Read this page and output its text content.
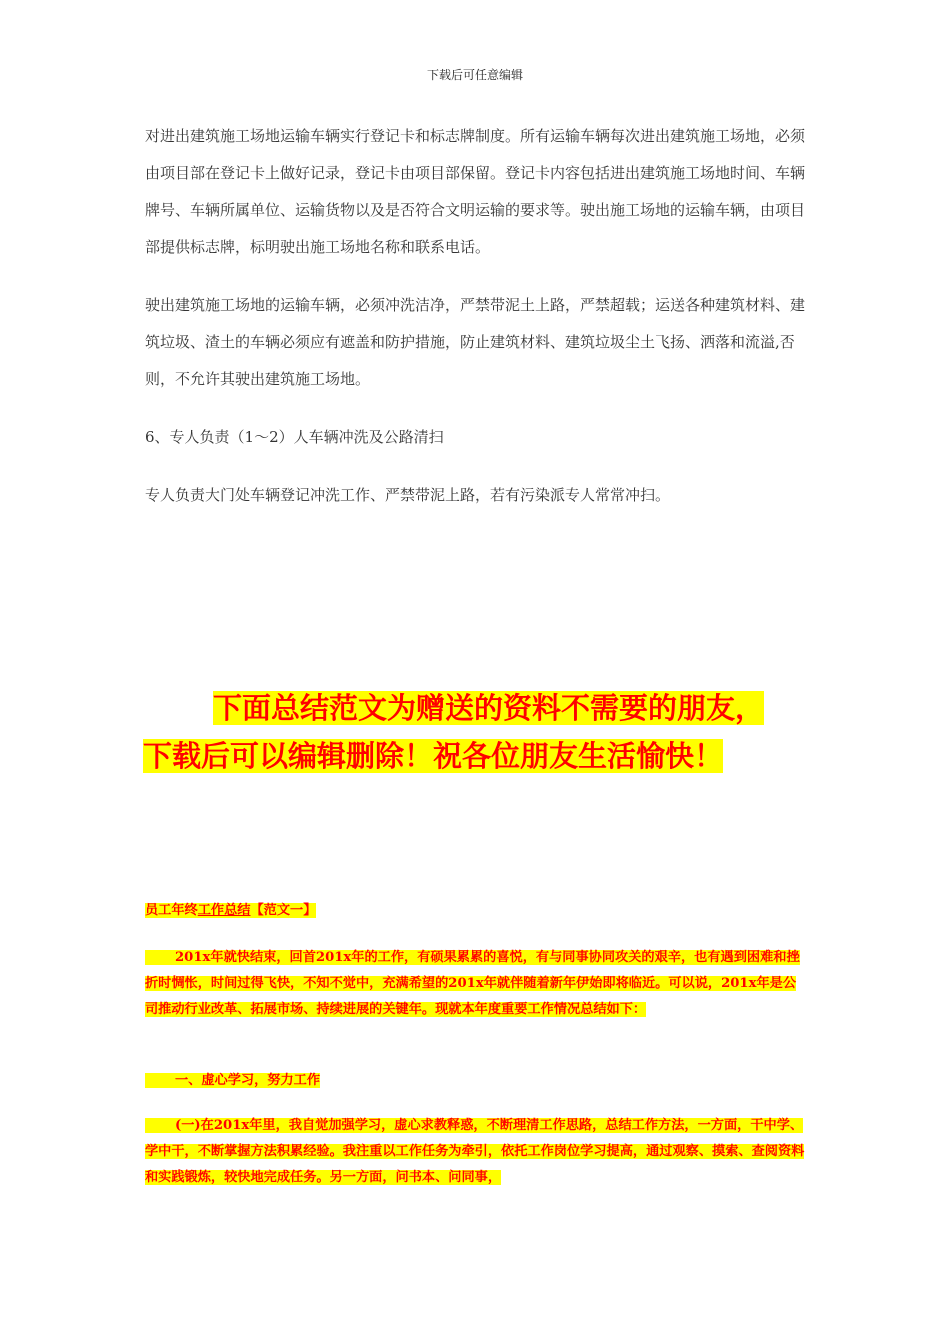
下载后可任意编辑

对进出建筑施工场地运输车辆实行登记卡和标志牌制度。所有运输车辆每次进出建筑施工场地，必须由项目部在登记卡上做好记录，登记卡由项目部保留。登记卡内容包括进出建筑施工场地时间、车辆牌号、车辆所属单位、运输货物以及是否符合文明运输的要求等。驶出施工场地的运输车辆，由项目部提供标志牌，标明驶出施工场地名称和联系电话。

驶出建筑施工场地的运输车辆，必须冲洗洁净，严禁带泥土上路，严禁超载；运送各种建筑材料、建筑垃圾、渣土的车辆必须应有遮盖和防护措施，防止建筑材料、建筑垃圾尘土飞扬、洒落和流溢,否则，不允许其驶出建筑施工场地。

6、专人负责（1～2）人车辆冲洗及公路清扫

专人负责大门处车辆登记冲洗工作、严禁带泥上路，若有污染派专人常常冲扫。

下面总结范文为赠送的资料不需要的朋友，
下载后可以编辑删除！祝各位朋友生活愉快！

员工年终工作总结【范文一】

201x年就快结束，回首201x年的工作，有硕果累累的喜悦，有与同事协同攻关的艰辛，也有遇到困难和挫折时惆怅，时间过得飞快，不知不觉中，充满希望的201x年就伴随着新年伊始即将临近。可以说，201x年是公司推动行业改革、拓展市场、持续进展的关键年。现就本年度重要工作情况总结如下：

一、虚心学习，努力工作

(一)在201x年里，我自觉加强学习，虚心求教释惑，不断理清工作思路，总结工作方法，一方面，干中学、学中干，不断掌握方法积累经验。我注重以工作任务为牵引，依托工作岗位学习提高，通过观察、摸索、查阅资料和实践锻炼，较快地完成任务。另一方面，问书本、问同事，
